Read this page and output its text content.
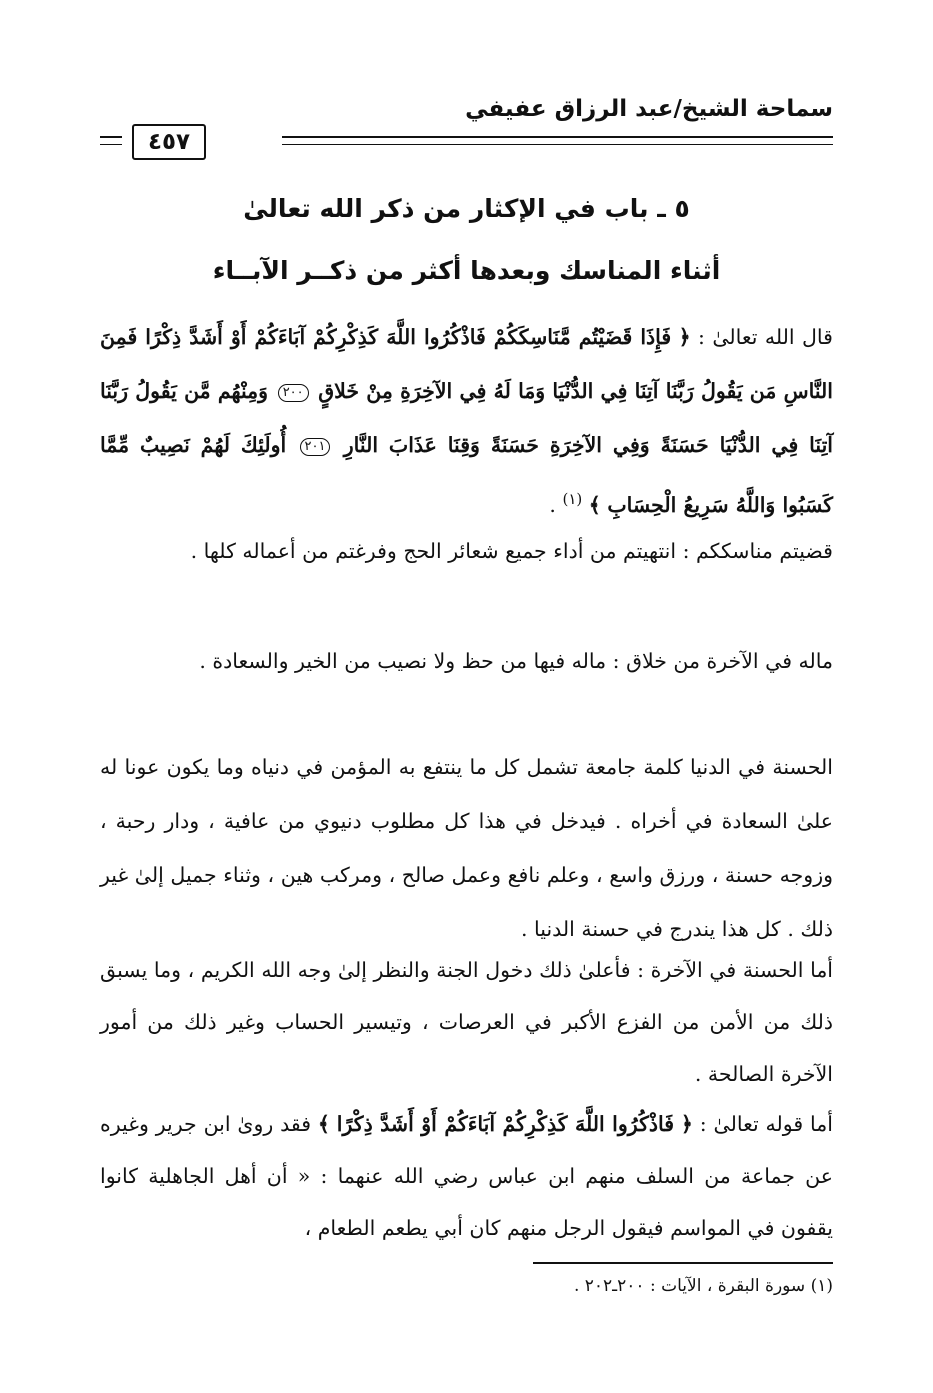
سماحة الشيخ/عبد الرزاق عفيفي
٤٥٧
٥ ـ باب في الإكثار من ذكر الله تعالىٰ
أثناء المناسك وبعدها أكثر من ذكــر الآبــاء

قال الله تعالىٰ : ﴿ فَإِذَا قَضَيْتُم مَّنَاسِكَكُمْ فَاذْكُرُوا اللَّهَ كَذِكْرِكُمْ آبَاءَكُمْ أَوْ أَشَدَّ ذِكْرًا فَمِنَ النَّاسِ مَن يَقُولُ رَبَّنَا آتِنَا فِي الدُّنْيَا وَمَا لَهُ فِي الآخِرَةِ مِنْ خَلاقٍ ٢٠٠ وَمِنْهُم مَّن يَقُولُ رَبَّنَا آتِنَا فِي الدُّنْيَا حَسَنَةً وَفِي الآخِرَةِ حَسَنَةً وَقِنَا عَذَابَ النَّارِ ٢٠١ أُولَئِكَ لَهُمْ نَصِيبٌ مِّمَّا كَسَبُوا وَاللَّهُ سَرِيعُ الْحِسَابِ ﴾ $^{(١)}$ .

قضيتم مناسككم : انتهيتم من أداء جميع شعائر الحج وفرغتم من أعماله كلها .

ماله في الآخرة من خلاق : ماله فيها من حظ ولا نصيب من الخير والسعادة .

الحسنة في الدنيا كلمة جامعة تشمل كل ما ينتفع به المؤمن في دنياه وما يكون عونا له علىٰ السعادة في أخراه . فيدخل في هذا كل مطلوب دنيوي من عافية ، ودار رحبة ، وزوجه حسنة ، ورزق واسع ، وعلم نافع وعمل صالح ، ومركب هين ، وثناء جميل إلىٰ غير ذلك . كل هذا يندرج في حسنة الدنيا .

أما الحسنة في الآخرة : فأعلىٰ ذلك دخول الجنة والنظر إلىٰ وجه الله الكريم ، وما يسبق ذلك من الأمن من الفزع الأكبر في العرصات ، وتيسير الحساب وغير ذلك من أمور الآخرة الصالحة .

أما قوله تعالىٰ : ﴿ فَاذْكُرُوا اللَّهَ كَذِكْرِكُمْ آبَاءَكُمْ أَوْ أَشَدَّ ذِكْرًا ﴾ فقد روىٰ ابن جرير وغيره عن جماعة من السلف منهم ابن عباس رضي الله عنهما : « أن أهل الجاهلية كانوا يقفون في المواسم فيقول الرجل منهم كان أبي يطعم الطعام ،

(١) سورة البقرة ، الآيات : ٢٠٠ـ٢٠٢ .
